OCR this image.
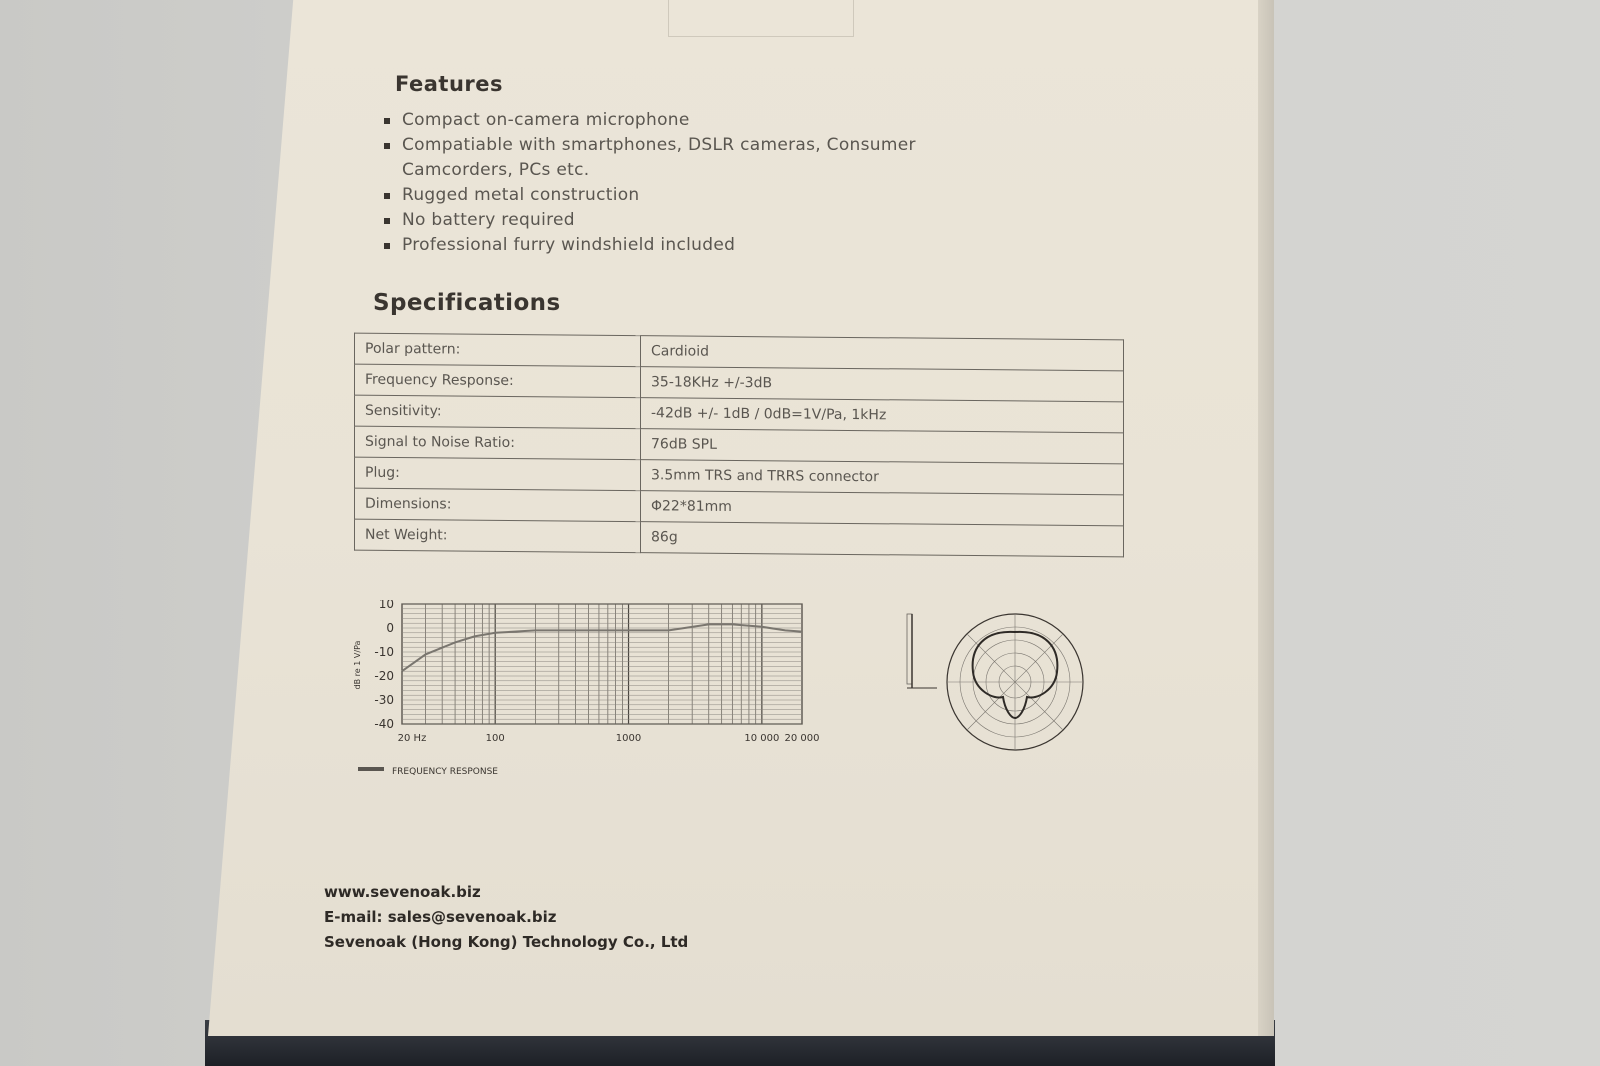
Features
Compact on-camera microphone
Compatiable with smartphones, DSLR cameras, Consumer Camcorders, PCs etc.
Rugged metal construction
No battery required
Professional furry windshield included
Specifications
Polar pattern:	Cardioid
Frequency Response:	35-18KHz +/-3dB
Sensitivity:	-42dB +/- 1dB / 0dB=1V/Pa, 1kHz
Signal to Noise Ratio:	76dB SPL
Plug:	3.5mm TRS and TRRS connector
Dimensions:	Φ22*81mm
Net Weight:	86g
10
0
-10
-20
-30
-40
20 Hz	100	1000	10 000 20 000
dB re 1 V/Pa
FREQUENCY RESPONSE
www.sevenoak.biz
E-mail: sales@sevenoak.biz
Sevenoak (Hong Kong) Technology Co., Ltd
